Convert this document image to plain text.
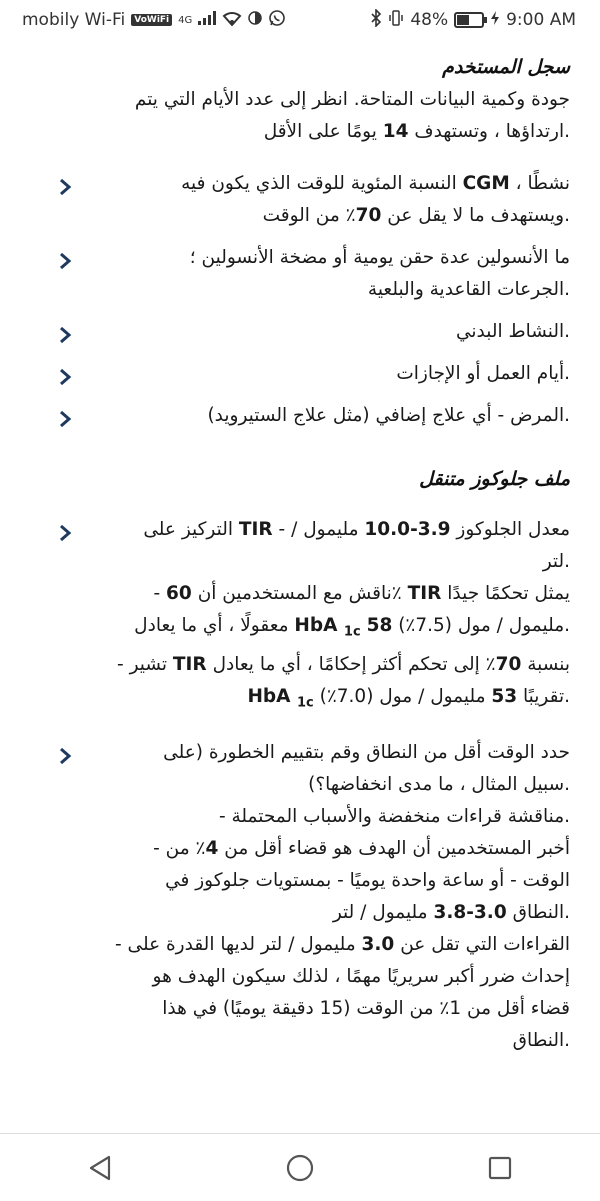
mobily Wi-Fi	VoWiFi 4G	48%	9:00 AM
سجل المستخدم
جودة وكمية البيانات المتاحة. انظر إلى عدد الأيام التي يتم
.ارتداؤها ، وتستهدف 14 يومًا على الأقل
نشطًا ، CGM النسبة المئوية للوقت الذي يكون فيه
.ويستهدف ما لا يقل عن 70٪ من الوقت
ما الأنسولين عدة حقن يومية أو مضخة الأنسولين ؛
.الجرعات القاعدية والبلعية
.النشاط البدني
.أيام العمل أو الإجازات
.المرض - أي علاج إضافي (مثل علاج الستيرويد)
ملف جلوكوز متنقل
معدل الجلوكوز 3.9-10.0 مليمول / - TIR التركيز على
.لتر
يمثل تحكمًا جيدًا TIR ٪ناقش مع المستخدمين أن 60 -
.مليمول / مول (7.5٪) 58 HbA $_{1c}$ معقولًا ، أي ما يعادل
بنسبة 70٪ إلى تحكم أكثر إحكامًا ، أي ما يعادل TIR تشير -
.تقريبًا 53 مليمول / مول (7.0٪) HbA $_{1c}$
حدد الوقت أقل من النطاق وقم بتقييم الخطورة (على
.سبيل المثال ، ما مدى انخفاضها؟)
.مناقشة قراءات منخفضة والأسباب المحتملة -
أخبر المستخدمين أن الهدف هو قضاء أقل من 4٪ من -
الوقت - أو ساعة واحدة يوميًا - بمستويات جلوكوز في
.النطاق 3.0-3.8 مليمول / لتر
القراءات التي تقل عن 3.0 مليمول / لتر لديها القدرة على -
إحداث ضرر أكبر سريريًا مهمًا ، لذلك سيكون الهدف هو
قضاء أقل من 1٪ من الوقت (15 دقيقة يوميًا) في هذا
.النطاق
